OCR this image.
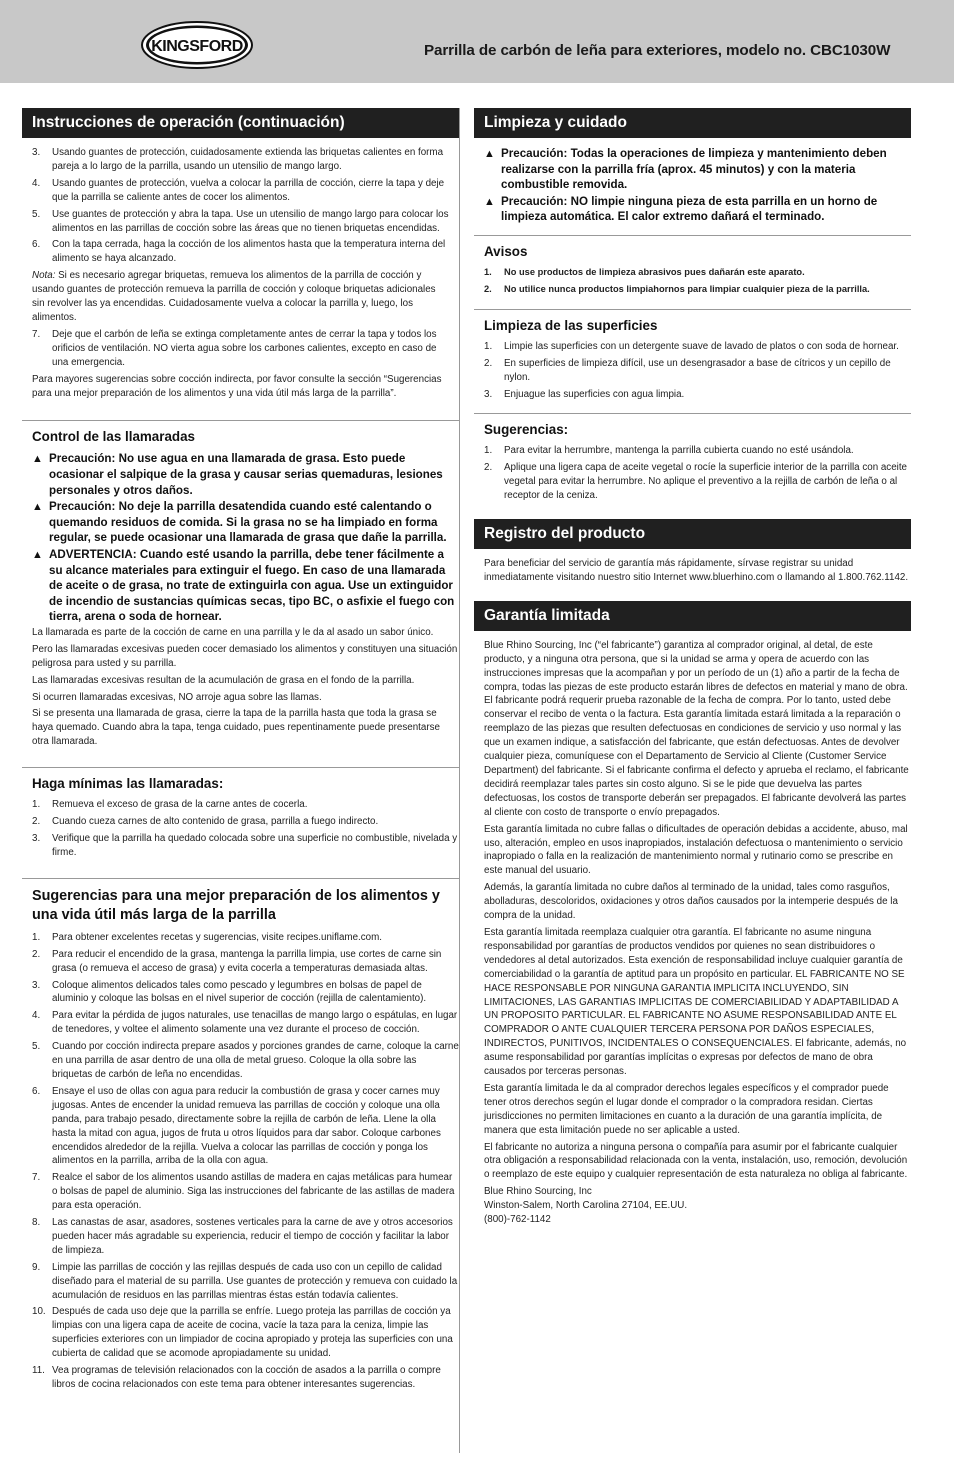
KINGSFORD	Parrilla de carbón de leña para exteriores, modelo no. CBC1030W
Instrucciones de operación (continuación)
3. Usando guantes de protección, cuidadosamente extienda las briquetas calientes en forma pareja a lo largo de la parrilla, usando un utensilio de mango largo.
4. Usando guantes de protección, vuelva a colocar la parrilla de cocción, cierre la tapa y deje que la parrilla se caliente antes de cocer los alimentos.
5. Use guantes de protección y abra la tapa. Use un utensilio de mango largo para colocar los alimentos en las parrillas de cocción sobre las áreas que no tienen briquetas encendidas.
6. Con la tapa cerrada, haga la cocción de los alimentos hasta que la temperatura interna del alimento se haya alcanzado.

Nota: Si es necesario agregar briquetas, remueva los alimentos de la parrilla de cocción y usando guantes de protección remueva la parrilla de cocción y coloque briquetas adicionales sin revolver las ya encendidas. Cuidadosamente vuelva a colocar la parrilla y, luego, los alimentos.

7. Deje que el carbón de leña se extinga completamente antes de cerrar la tapa y todos los orificios de ventilación. NO vierta agua sobre los carbones calientes, excepto en caso de una emergencia.

Para mayores sugerencias sobre cocción indirecta, por favor consulte la sección “Sugerencias para una mejor preparación de los alimentos y una vida útil más larga de la parrilla”.

Control de las llamaradas
▲ Precaución: No use agua en una llamarada de grasa. Esto puede ocasionar el salpique de la grasa y causar serias quemaduras, lesiones personales y otros daños.
▲ Precaución: No deje la parrilla desatendida cuando esté calentando o quemando residuos de comida. Si la grasa no se ha limpiado en forma regular, se puede ocasionar una llamarada de grasa que dañe la parrilla.
▲ ADVERTENCIA: Cuando esté usando la parrilla, debe tener fácilmente a su alcance materiales para extinguir el fuego. En caso de una llamarada de aceite o de grasa, no trate de extinguirla con agua. Use un extinguidor de incendio de sustancias químicas secas, tipo BC, o asfixie el fuego con tierra, arena o soda de hornear.

La llamarada es parte de la cocción de carne en una parrilla y le da al asado un sabor único.

Pero las llamaradas excesivas pueden cocer demasiado los alimentos y constituyen una situación peligrosa para usted y su parrilla.

Las llamaradas excesivas resultan de la acumulación de grasa en el fondo de la parrilla.

Si ocurren llamaradas excesivas, NO arroje agua sobre las llamas.

Si se presenta una llamarada de grasa, cierre la tapa de la parrilla hasta que toda la grasa se haya quemado. Cuando abra la tapa, tenga cuidado, pues repentinamente puede presentarse otra llamarada.

Haga mínimas las llamaradas:
1. Remueva el exceso de grasa de la carne antes de cocerla.
2. Cuando cueza carnes de alto contenido de grasa, parrilla a fuego indirecto.
3. Verifique que la parrilla ha quedado colocada sobre una superficie no combustible, nivelada y firme.
Sugerencias para una mejor preparación de los alimentos y una vida útil más larga de la parrilla
1. Para obtener excelentes recetas y sugerencias, visite recipes.uniflame.com.
2. Para reducir el encendido de la grasa, mantenga la parrilla limpia, use cortes de carne sin grasa (o remueva el acceso de grasa) y evita cocerla a temperaturas demasiada altas.
3. Coloque alimentos delicados tales como pescado y legumbres en bolsas de papel de aluminio y coloque las bolsas en el nivel superior de cocción (rejilla de calentamiento).
4. Para evitar la pérdida de jugos naturales, use tenacillas de mango largo o espátulas, en lugar de tenedores, y voltee el alimento solamente una vez durante el proceso de cocción.
5. Cuando por cocción indirecta prepare asados y porciones grandes de carne, coloque la carne en una parrilla de asar dentro de una olla de metal grueso. Coloque la olla sobre las briquetas de carbón de leña no encendidas.
6. Ensaye el uso de ollas con agua para reducir la combustión de grasa y cocer carnes muy jugosas. Antes de encender la unidad remueva las parrillas de cocción y coloque una olla panda, para trabajo pesado, directamente sobre la rejilla de carbón de leña. Llene la olla hasta la mitad con agua, jugos de fruta u otros líquidos para dar sabor. Coloque carbones encendidos alrededor de la rejilla. Vuelva a colocar las parrillas de cocción y ponga los alimentos en la parrilla, arriba de la olla con agua.
7. Realce el sabor de los alimentos usando astillas de madera en cajas metálicas para humear o bolsas de papel de aluminio. Siga las instrucciones del fabricante de las astillas de madera para esta operación.
8. Las canastas de asar, asadores, sostenes verticales para la carne de ave y otros accesorios pueden hacer más agradable su experiencia, reducir el tiempo de cocción y facilitar la labor de limpieza.
9. Limpie las parrillas de cocción y las rejillas después de cada uso con un cepillo de calidad diseñado para el material de su parrilla. Use guantes de protección y remueva con cuidado la acumulación de residuos en las parrillas mientras éstas están todavía calientes.
10. Después de cada uso deje que la parrilla se enfríe. Luego proteja las parrillas de cocción ya limpias con una ligera capa de aceite de cocina, vacíe la taza para la ceniza, limpie las superficies exteriores con un limpiador de cocina apropiado y proteja las superficies con una cubierta de calidad que se acomode apropiadamente su unidad.
11. Vea programas de televisión relacionados con la cocción de asados a la parrilla o compre libros de cocina relacionados con este tema para obtener interesantes sugerencias.
Limpieza y cuidado
▲ Precaución: Todas la operaciones de limpieza y mantenimiento deben realizarse con la parrilla fría (aprox. 45 minutos) y con la materia combustible removida.
▲ Precaución: NO limpie ninguna pieza de esta parrilla en un horno de limpieza automática. El calor extremo dañará el terminado.
Avisos
1. No use productos de limpieza abrasivos pues dañarán este aparato.
2. No utilice nunca productos limpiahornos para limpiar cualquier pieza de la parrilla.
Limpieza de las superficies
1. Limpie las superficies con un detergente suave de lavado de platos o con soda de hornear.
2. En superficies de limpieza difícil, use un desengrasador a base de cítricos y un cepillo de nylon.
3. Enjuague las superficies con agua limpia.
Sugerencias:
1. Para evitar la herrumbre, mantenga la parrilla cubierta cuando no esté usándola.
2. Aplique una ligera capa de aceite vegetal o rocíe la superficie interior de la parrilla con aceite vegetal para evitar la herrumbre. No aplique el preventivo a la rejilla de carbón de leña o al receptor de la ceniza.
Registro del producto

Para beneficiar del servicio de garantía más rápidamente, sírvase registrar su unidad inmediatamente visitando nuestro sitio Internet www.bluerhino.com o llamando al 1.800.762.1142.

Garantía limitada

Blue Rhino Sourcing, Inc (“el fabricante”) garantiza al comprador original, al detal, de este producto, y a ninguna otra persona, que si la unidad se arma y opera de acuerdo con las instrucciones impresas que la acompañan y por un período de un (1) año a partir de la fecha de compra, todas las piezas de este producto estarán libres de defectos en material y mano de obra. El fabricante podrá requerir prueba razonable de la fecha de compra. Por lo tanto, usted debe conservar el recibo de venta o la factura. Esta garantía limitada estará limitada a la reparación o reemplazo de las piezas que resulten defectuosas en condiciones de servicio y uso normal y las que un examen indique, a satisfacción del fabricante, que están defectuosas. Antes de devolver cualquier pieza, comuníquese con el Departamento de Servicio al Cliente (Customer Service Department) del fabricante. Si el fabricante confirma el defecto y aprueba el reclamo, el fabricante decidirá reemplazar tales partes sin costo alguno. Si se le pide que devuelva las partes defectuosas, los costos de transporte deberán ser prepagados. El fabricante devolverá las partes al cliente con costo de transporte o envío prepagados.

Esta garantía limitada no cubre fallas o dificultades de operación debidas a accidente, abuso, mal uso, alteración, empleo en usos inapropiados, instalación defectuosa o mantenimiento o servicio inapropiado o falla en la realización de mantenimiento normal y rutinario como se prescribe en este manual del usuario.

Además, la garantía limitada no cubre daños al terminado de la unidad, tales como rasguños, abolladuras, descoloridos, oxidaciones y otros daños causados por la intemperie después de la compra de la unidad.

Esta garantía limitada reemplaza cualquier otra garantía. El fabricante no asume ninguna responsabilidad por garantías de productos vendidos por quienes no sean distribuidores o vendedores al detal autorizados. Esta exención de responsabilidad incluye cualquier garantía de comerciabilidad o la garantía de aptitud para un propósito en particular. EL FABRICANTE NO SE HACE RESPONSABLE POR NINGUNA GARANTIA IMPLICITA INCLUYENDO, SIN LIMITACIONES, LAS GARANTIAS IMPLICITAS DE COMERCIABILIDAD Y ADAPTABILIDAD A UN PROPOSITO PARTICULAR. EL FABRICANTE NO ASUME RESPONSABILIDAD ANTE EL COMPRADOR O ANTE CUALQUIER TERCERA PERSONA POR DAÑOS ESPECIALES, INDIRECTOS, PUNITIVOS, INCIDENTALES O CONSEQUENCIALES. El fabricante, además, no asume responsabilidad por garantías implícitas o expresas por defectos de mano de obra causados por terceras personas.

Esta garantía limitada le da al comprador derechos legales específicos y el comprador puede tener otros derechos según el lugar donde el comprador o la compradora residan. Ciertas jurisdicciones no permiten limitaciones en cuanto a la duración de una garantía implícita, de manera que esta limitación puede no ser aplicable a usted.

El fabricante no autoriza a ninguna persona o compañía para asumir por el fabricante cualquier otra obligación a responsabilidad relacionada con la venta, instalación, uso, remoción, devolución o reemplazo de este equipo y cualquier representación de esta naturaleza no obliga al fabricante.

Blue Rhino Sourcing, Inc
Winston-Salem, North Carolina 27104, EE.UU.
(800)-762-1142
